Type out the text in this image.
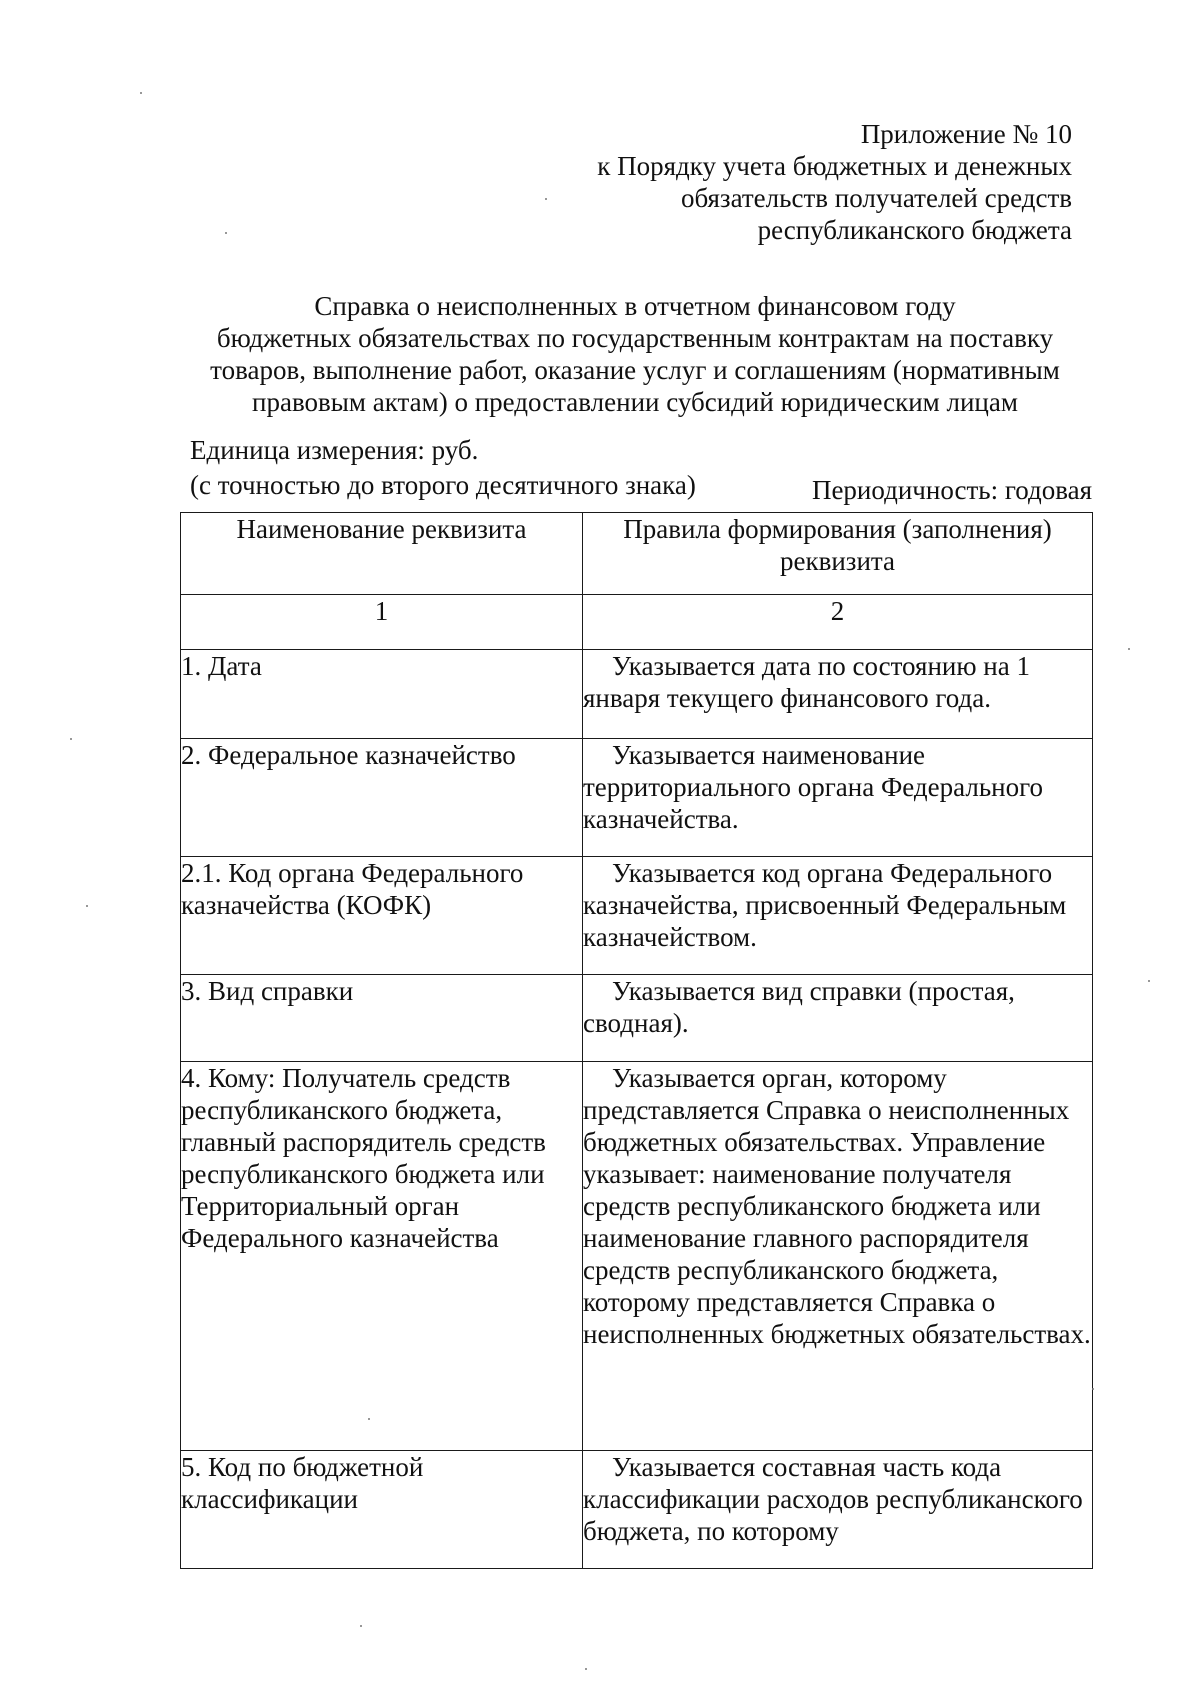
Приложение № 10
к Порядку учета бюджетных и денежных
обязательств получателей средств
республиканского бюджета
Справка о неисполненных в отчетном финансовом году
бюджетных обязательствах по государственным контрактам на поставку
товаров, выполнение работ, оказание услуг и соглашениям (нормативным
правовым актам) о предоставлении субсидий юридическим лицам
Единица измерения: руб.
(с точностью до второго десятичного знака)	Периодичность: годовая
Наименование реквизита	Правила формирования (заполнения) реквизита
1	2
1. Дата	Указывается дата по состоянию на 1 января текущего финансового года.
2. Федеральное казначейство	Указывается наименование территориального органа Федерального казначейства.
2.1. Код органа Федерального казначейства (КОФК)	Указывается код органа Федерального казначейства, присвоенный Федеральным казначейством.
3. Вид справки	Указывается вид справки (простая, сводная).
4. Кому: Получатель средств республиканского бюджета, главный распорядитель средств республиканского бюджета или Территориальный орган Федерального казначейства	Указывается орган, которому представляется Справка о неисполненных бюджетных обязательствах. Управление указывает: наименование получателя средств республиканского бюджета или наименование главного распорядителя средств республиканского бюджета, которому представляется Справка о неисполненных бюджетных обязательствах.
5. Код по бюджетной классификации	Указывается составная часть кода классификации расходов республиканского бюджета, по которому
